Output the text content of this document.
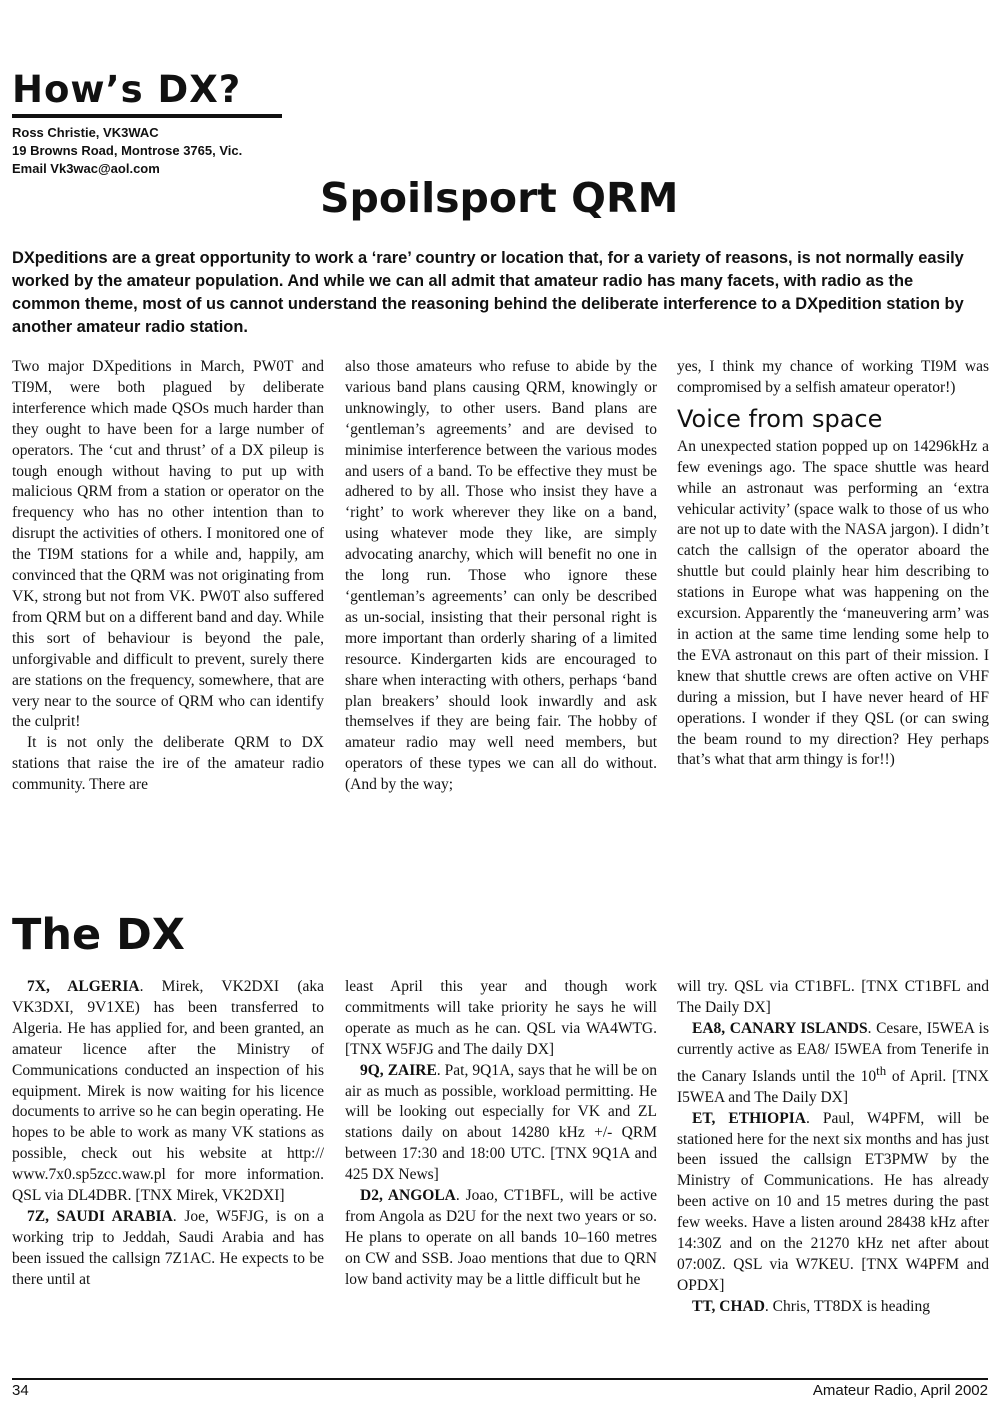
How’s DX?
Ross Christie, VK3WAC
19 Browns Road, Montrose 3765, Vic.
Email Vk3wac@aol.com
Spoilsport QRM

DXpeditions are a great opportunity to work a ‘rare’ country or location that, for a variety of reasons, is not normally easily worked by the amateur population. And while we can all admit that amateur radio has many facets, with radio as the common theme, most of us cannot understand the reasoning behind the deliberate interference to a DXpedition station by another amateur radio station.

Two major DXpeditions in March, PW0T and TI9M, were both plagued by deliberate interference which made QSOs much harder than they ought to have been for a large number of operators. The ‘cut and thrust’ of a DX pileup is tough enough without having to put up with malicious QRM from a station or operator on the frequency who has no other intention than to disrupt the activities of others. I monitored one of the TI9M stations for a while and, happily, am convinced that the QRM was not originating from VK, strong but not from VK. PW0T also suffered from QRM but on a different band and day. While this sort of behaviour is beyond the pale, unforgivable and difficult to prevent, surely there are stations on the frequency, somewhere, that are very near to the source of QRM who can identify the culprit!

It is not only the deliberate QRM to DX stations that raise the ire of the amateur radio community. There are

also those amateurs who refuse to abide by the various band plans causing QRM, knowingly or unknowingly, to other users. Band plans are ‘gentleman’s agreements’ and are devised to minimise interference between the various modes and users of a band. To be effective they must be adhered to by all. Those who insist they have a ‘right’ to work wherever they like on a band, using whatever mode they like, are simply advocating anarchy, which will benefit no one in the long run. Those who ignore these ‘gentleman’s agreements’ can only be described as un-social, insisting that their personal right is more important than orderly sharing of a limited resource. Kindergarten kids are encouraged to share when interacting with others, perhaps ‘band plan breakers’ should look inwardly and ask themselves if they are being fair. The hobby of amateur radio may well need members, but operators of these types we can all do without. (And by the way;

yes, I think my chance of working TI9M was compromised by a selfish amateur operator!)

Voice from space

An unexpected station popped up on 14296kHz a few evenings ago. The space shuttle was heard while an astronaut was performing an ‘extra vehicular activity’ (space walk to those of us who are not up to date with the NASA jargon). I didn’t catch the callsign of the operator aboard the shuttle but could plainly hear him describing to stations in Europe what was happening on the excursion. Apparently the ‘maneuvering arm’ was in action at the same time lending some help to the EVA astronaut on this part of their mission. I knew that shuttle crews are often active on VHF during a mission, but I have never heard of HF operations. I wonder if they QSL (or can swing the beam round to my direction? Hey perhaps that’s what that arm thingy is for!!)

The DX

7X, ALGERIA. Mirek, VK2DXI (aka VK3DXI, 9V1XE) has been transferred to Algeria. He has applied for, and been granted, an amateur licence after the Ministry of Communications conducted an inspection of his equipment. Mirek is now waiting for his licence documents to arrive so he can begin operating. He hopes to be able to work as many VK stations as possible, check out his website at http:// www.7x0.sp5zcc.waw.pl for more information. QSL via DL4DBR. [TNX Mirek, VK2DXI]

7Z, SAUDI ARABIA. Joe, W5FJG, is on a working trip to Jeddah, Saudi Arabia and has been issued the callsign 7Z1AC. He expects to be there until at

least April this year and though work commitments will take priority he says he will operate as much as he can. QSL via WA4WTG. [TNX W5FJG and The daily DX]

9Q, ZAIRE. Pat, 9Q1A, says that he will be on air as much as possible, workload permitting. He will be looking out especially for VK and ZL stations daily on about 14280 kHz +/- QRM between 17:30 and 18:00 UTC. [TNX 9Q1A and 425 DX News]

D2, ANGOLA. Joao, CT1BFL, will be active from Angola as D2U for the next two years or so. He plans to operate on all bands 10–160 metres on CW and SSB. Joao mentions that due to QRN low band activity may be a little difficult but he

will try. QSL via CT1BFL. [TNX CT1BFL and The Daily DX]

EA8, CANARY ISLANDS. Cesare, I5WEA is currently active as EA8/ I5WEA from Tenerife in the Canary Islands until the 10th of April. [TNX I5WEA and The Daily DX]

ET, ETHIOPIA. Paul, W4PFM, will be stationed here for the next six months and has just been issued the callsign ET3PMW by the Ministry of Communications. He has already been active on 10 and 15 metres during the past few weeks. Have a listen around 28438 kHz after 14:30Z and on the 21270 kHz net after about 07:00Z. QSL via W7KEU. [TNX W4PFM and OPDX]

TT, CHAD. Chris, TT8DX is heading

34	Amateur Radio, April 2002
